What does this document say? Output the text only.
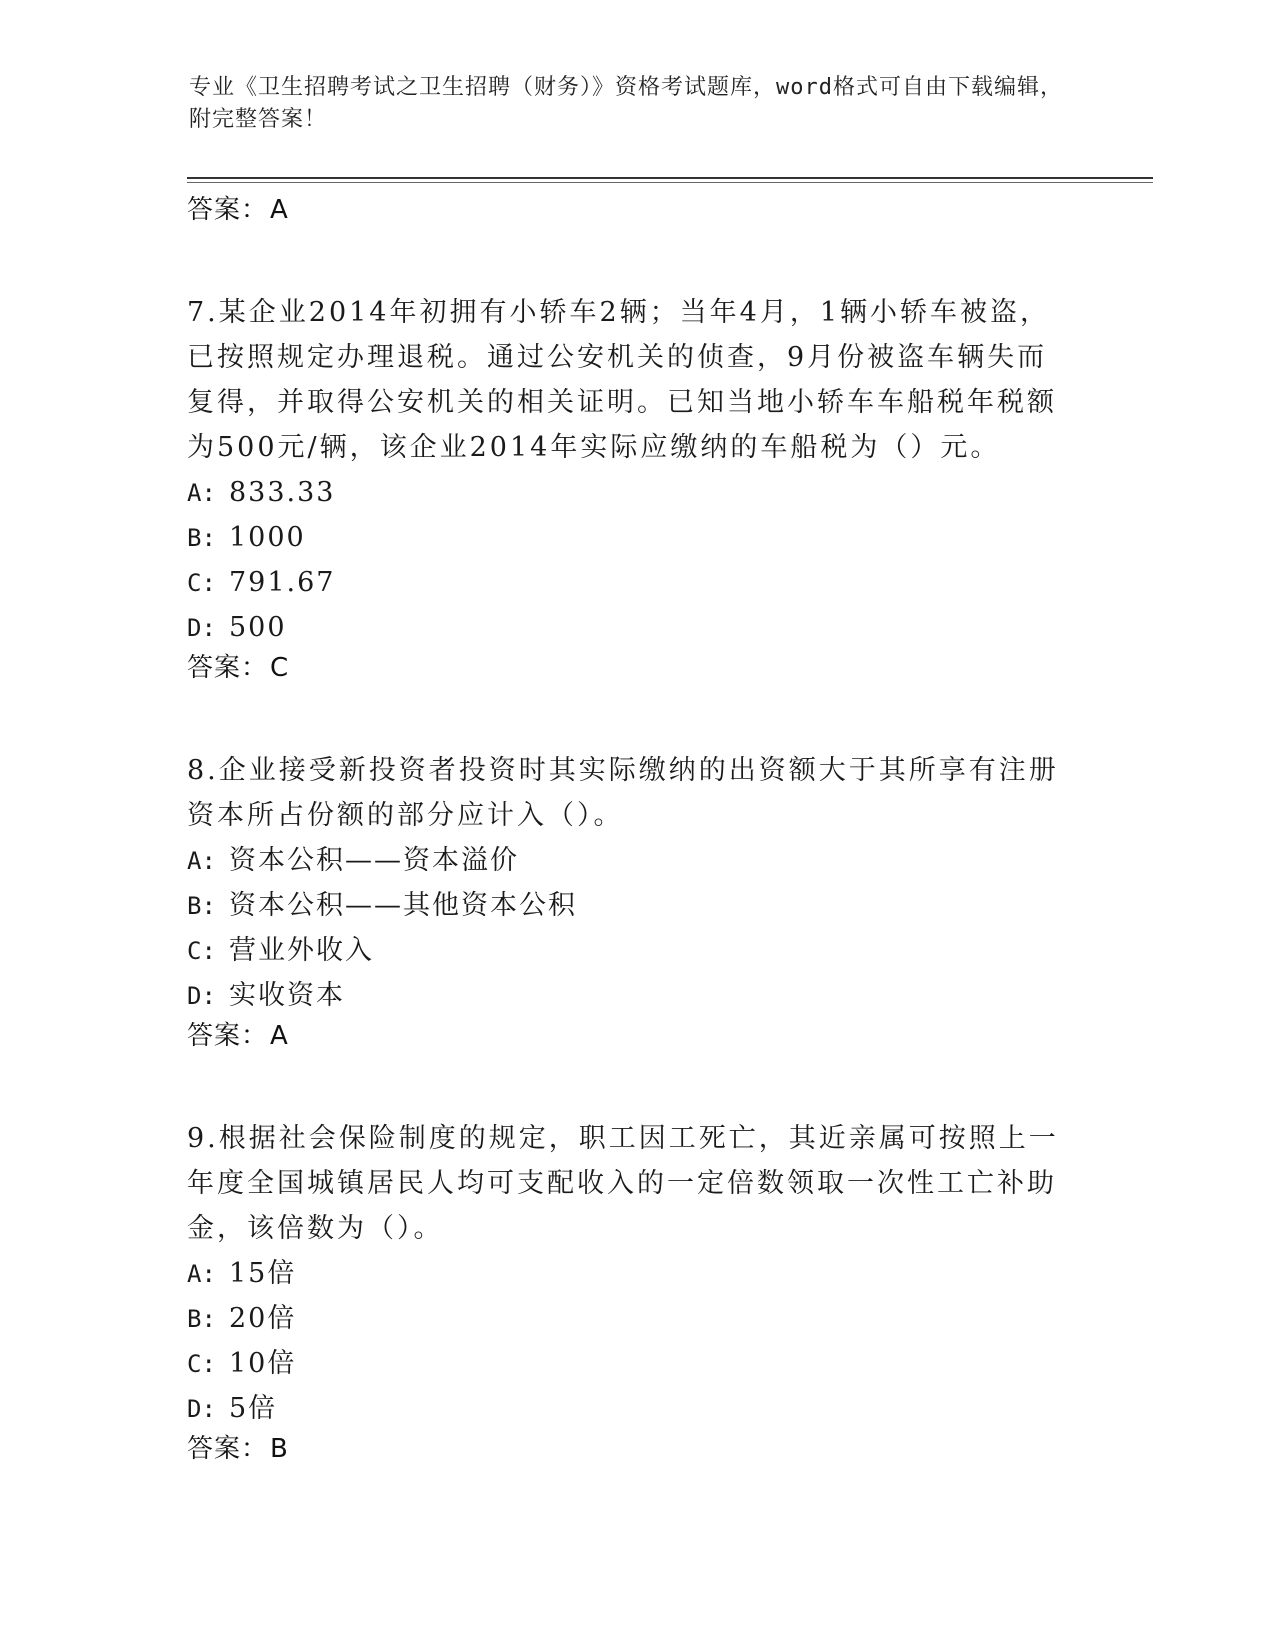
专业《卫生招聘考试之卫生招聘（财务）》资格考试题库，word格式可自由下载编辑，附完整答案！
答案：A
7.某企业2014年初拥有小轿车2辆；当年4月，1辆小轿车被盗，已按照规定办理退税。通过公安机关的侦查，9月份被盗车辆失而复得，并取得公安机关的相关证明。已知当地小轿车车船税年税额为500元/辆，该企业2014年实际应缴纳的车船税为（）元。
A: 833.33
B: 1000
C: 791.67
D: 500
答案：C
8.企业接受新投资者投资时其实际缴纳的出资额大于其所享有注册资本所占份额的部分应计入（）。
A: 资本公积——资本溢价
B: 资本公积——其他资本公积
C: 营业外收入
D: 实收资本
答案：A
9.根据社会保险制度的规定，职工因工死亡，其近亲属可按照上一年度全国城镇居民人均可支配收入的一定倍数领取一次性工亡补助金，该倍数为（）。
A: 15倍
B: 20倍
C: 10倍
D: 5倍
答案：B
